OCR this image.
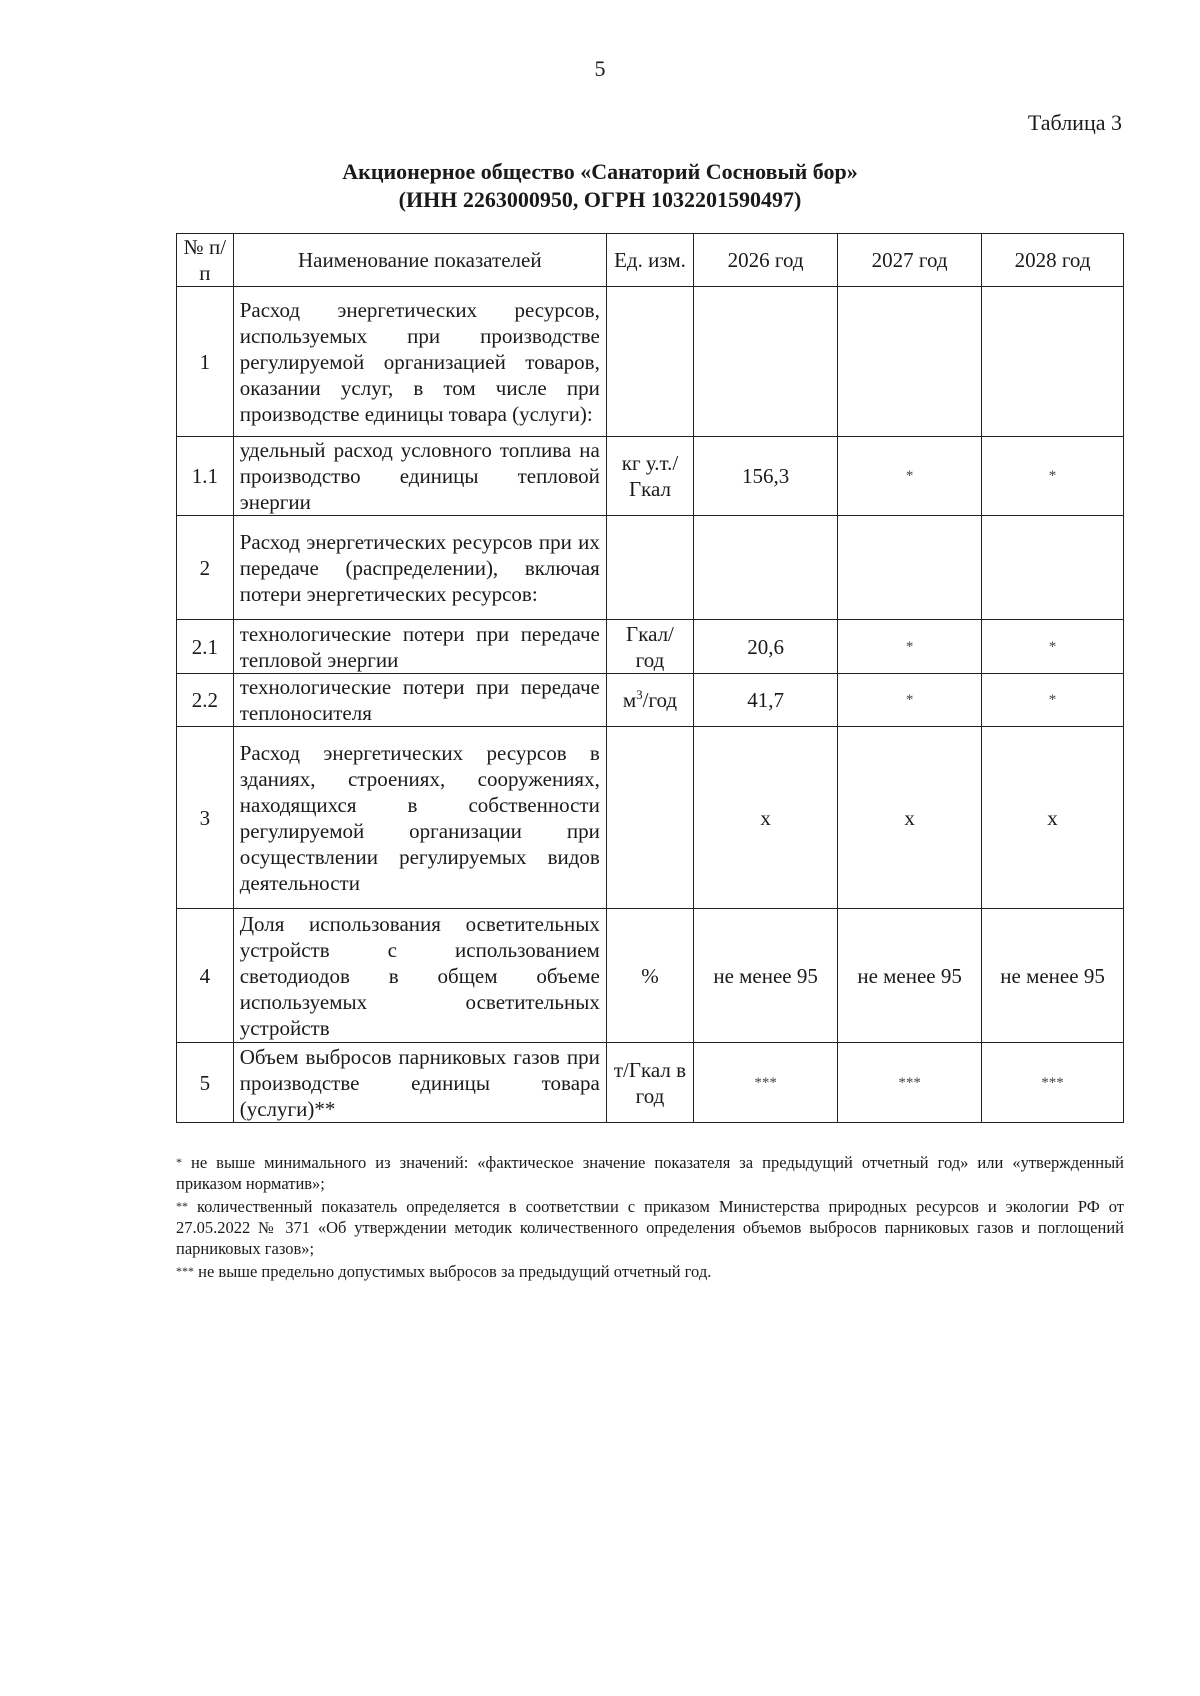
5
Таблица 3
Акционерное общество «Санаторий Сосновый бор»
(ИНН 2263000950, ОГРН 1032201590497)
№ п/п	Наименование показателей	Ед. изм.	2026 год	2027 год	2028 год
1	Расход энергетических ресурсов, используемых при производстве регулируемой организацией товаров, оказании услуг, в том числе при производстве единицы товара (услуги):				
1.1	удельный расход условного топлива на производство единицы тепловой энергии	кг у.т./ Гкал	156,3	*	*
2	Расход энергетических ресурсов при их передаче (распределении), включая потери энергетических ресурсов:				
2.1	технологические потери при передаче тепловой энергии	Гкал/ год	20,6	*	*
2.2	технологические потери при передаче теплоносителя	$м^3$/год	41,7	*	*
3	Расход энергетических ресурсов в зданиях, строениях, сооружениях, находящихся в собственности регулируемой организации при осуществлении регулируемых видов деятельности		х	х	х
4	Доля использования осветительных устройств с использованием светодиодов в общем объеме используемых осветительных устройств	%	не менее 95	не менее 95	не менее 95
5	Объем выбросов парниковых газов при производстве единицы товара (услуги)**	т/Гкал в год	***	***	***

* не выше минимального из значений: «фактическое значение показателя за предыдущий отчетный год» или «утвержденный приказом норматив»;

** количественный показатель определяется в соответствии с приказом Министерства природных ресурсов и экологии РФ от 27.05.2022 № 371 «Об утверждении методик количественного определения объемов выбросов парниковых газов и поглощений парниковых газов»;

*** не выше предельно допустимых выбросов за предыдущий отчетный год.
